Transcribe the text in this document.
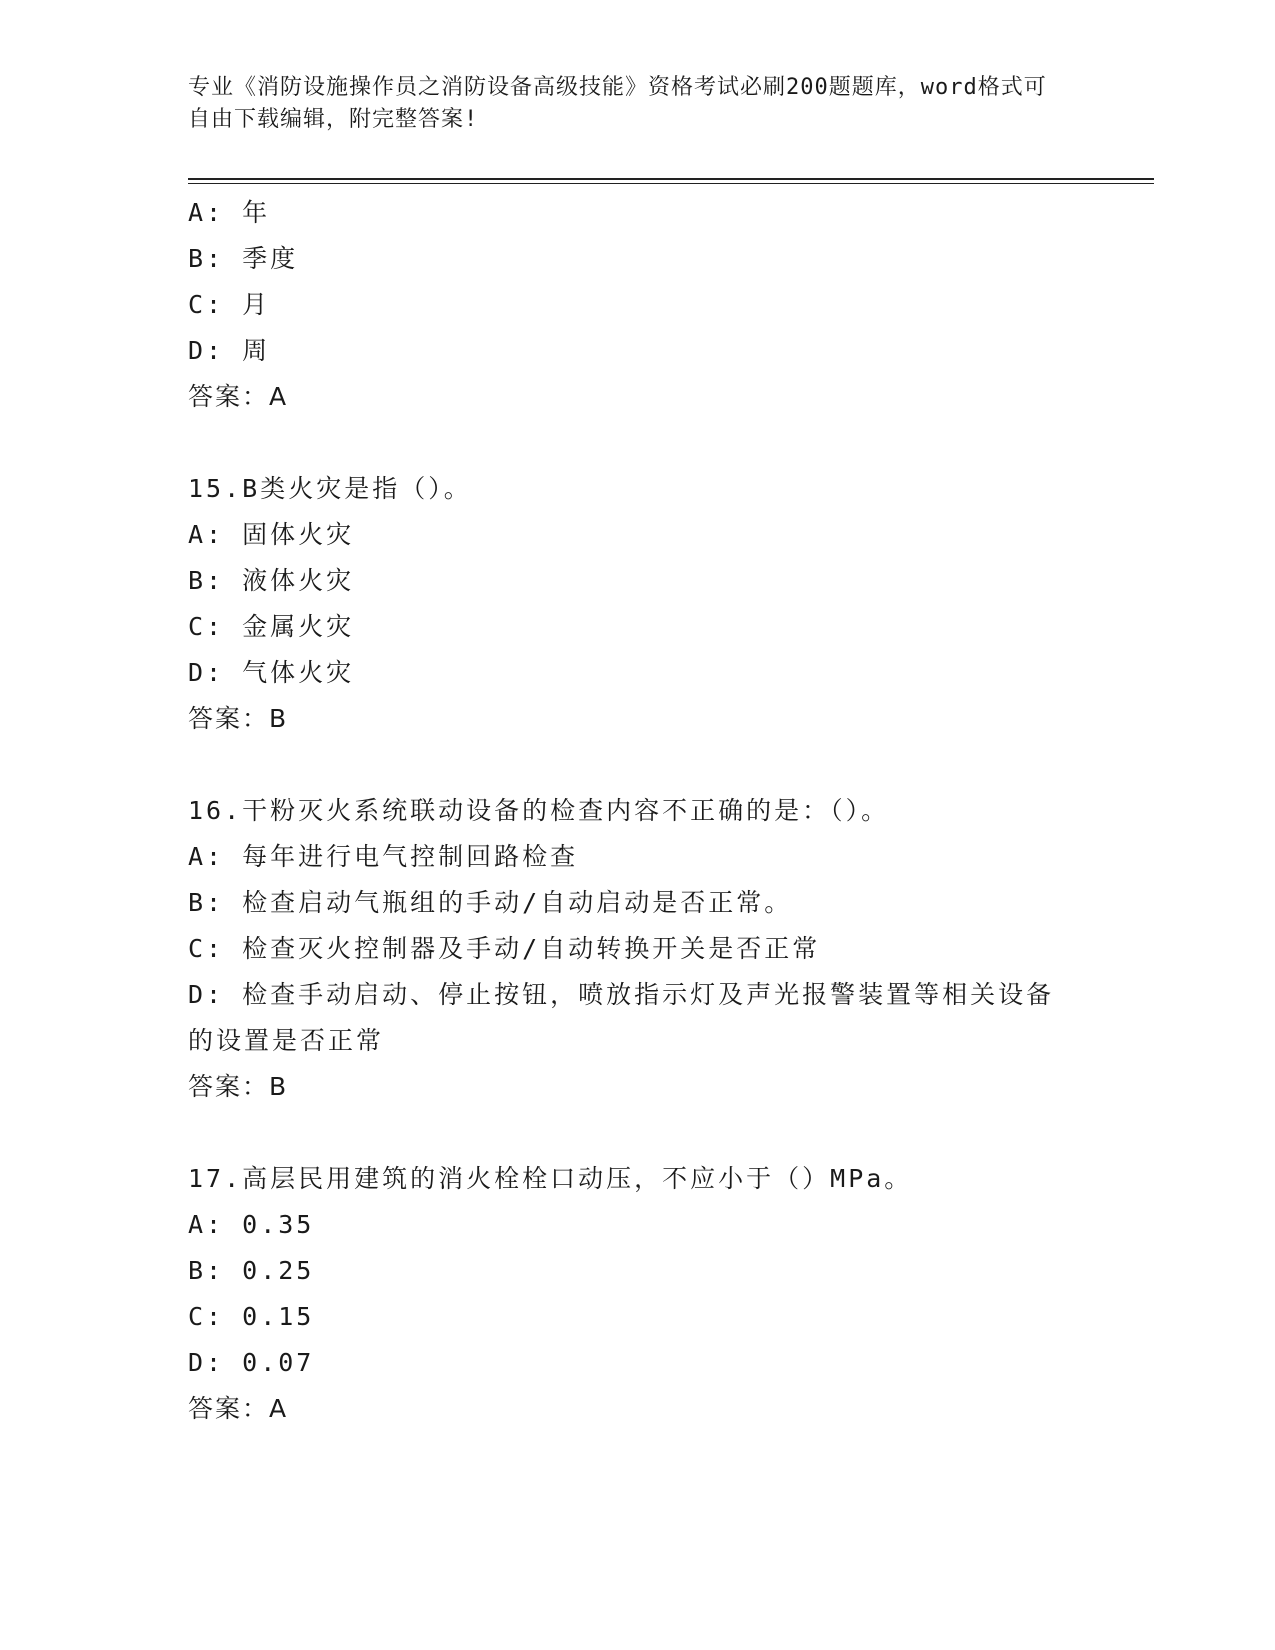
专业《消防设施操作员之消防设备高级技能》资格考试必刷200题题库，word格式可自由下载编辑，附完整答案!
A: 年
B: 季度
C: 月
D: 周
答案：A
15.B类火灾是指（）。
A: 固体火灾
B: 液体火灾
C: 金属火灾
D: 气体火灾
答案：B
16.干粉灭火系统联动设备的检查内容不正确的是：（）。
A: 每年进行电气控制回路检查
B: 检查启动气瓶组的手动/自动启动是否正常。
C: 检查灭火控制器及手动/自动转换开关是否正常
D: 检查手动启动、停止按钮，喷放指示灯及声光报警装置等相关设备的设置是否正常
答案：B
17.高层民用建筑的消火栓栓口动压，不应小于（）MPa。
A: 0.35
B: 0.25
C: 0.15
D: 0.07
答案：A
